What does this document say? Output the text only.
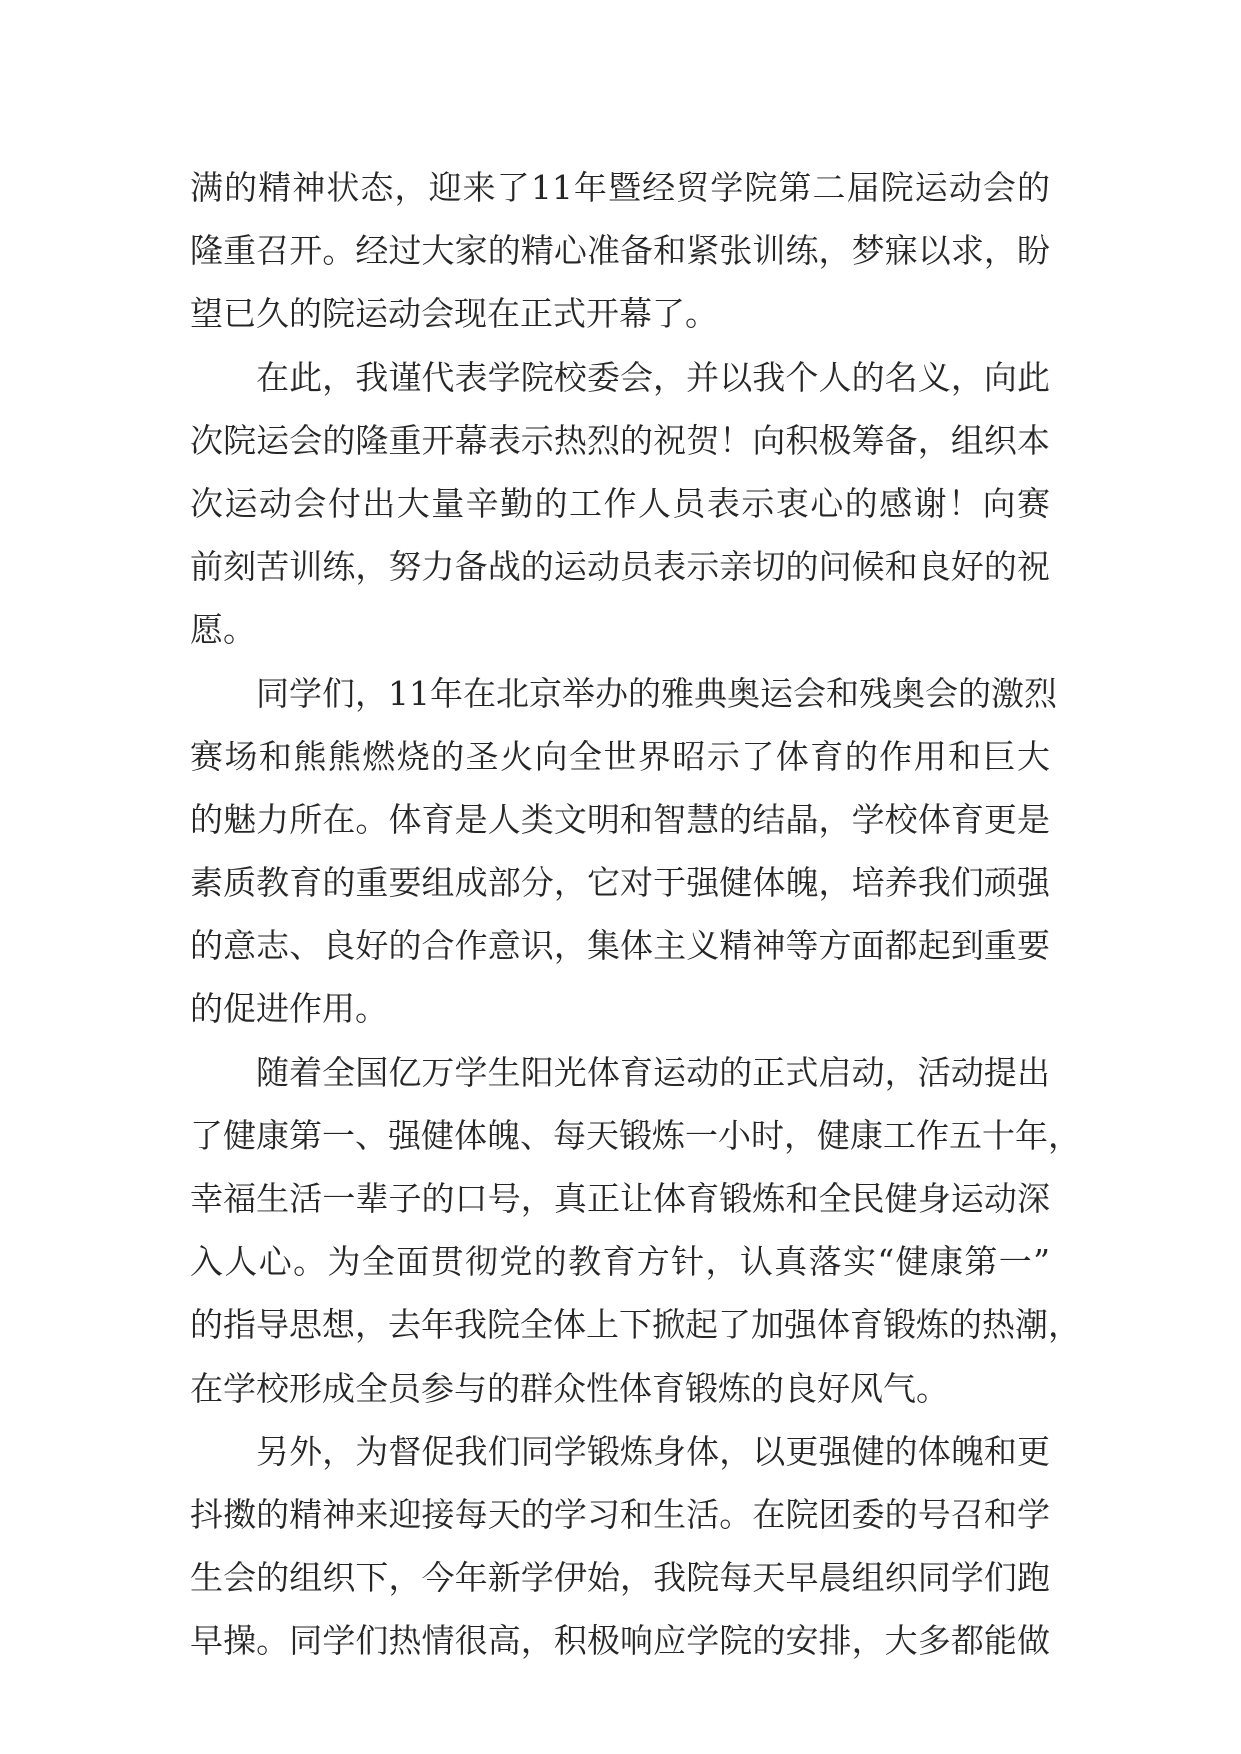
满的精神状态，迎来了11年暨经贸学院第二届院运动会的
隆重召开。经过大家的精心准备和紧张训练，梦寐以求，盼
望已久的院运动会现在正式开幕了。
在此，我谨代表学院校委会，并以我个人的名义，向此
次院运会的隆重开幕表示热烈的祝贺！向积极筹备，组织本
次运动会付出大量辛勤的工作人员表示衷心的感谢！向赛
前刻苦训练，努力备战的运动员表示亲切的问候和良好的祝
愿。
同学们，11年在北京举办的雅典奥运会和残奥会的激烈
赛场和熊熊燃烧的圣火向全世界昭示了体育的作用和巨大
的魅力所在。体育是人类文明和智慧的结晶，学校体育更是
素质教育的重要组成部分，它对于强健体魄，培养我们顽强
的意志、良好的合作意识，集体主义精神等方面都起到重要
的促进作用。
随着全国亿万学生阳光体育运动的正式启动，活动提出
了健康第一、强健体魄、每天锻炼一小时，健康工作五十年，
幸福生活一辈子的口号，真正让体育锻炼和全民健身运动深
入人心。为全面贯彻党的教育方针，认真落实“健康第一”
的指导思想，去年我院全体上下掀起了加强体育锻炼的热潮，
在学校形成全员参与的群众性体育锻炼的良好风气。
另外，为督促我们同学锻炼身体，以更强健的体魄和更
抖擞的精神来迎接每天的学习和生活。在院团委的号召和学
生会的组织下，今年新学伊始，我院每天早晨组织同学们跑
早操。同学们热情很高，积极响应学院的安排，大多都能做
